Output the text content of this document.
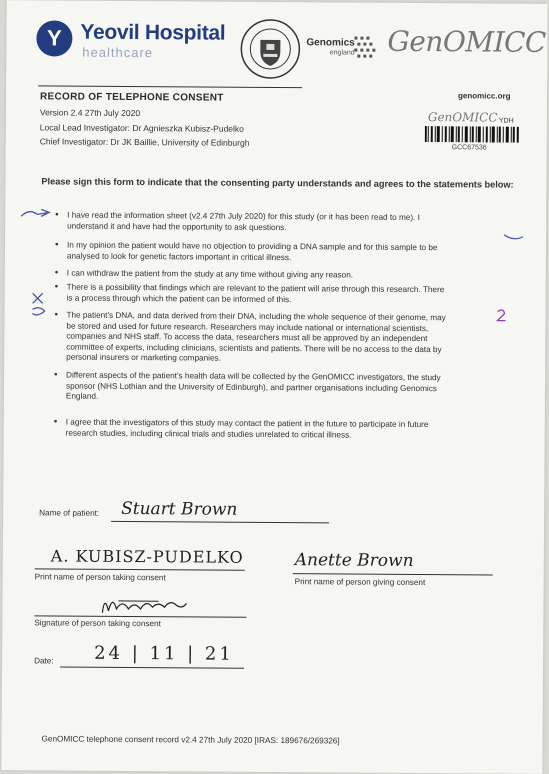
Y Yeovil Hospital
healthcare
Genomics
england GenOMICC
genomicc.org
RECORD OF TELEPHONE CONSENT
Version 2.4 27th July 2020
Local Lead Investigator: Dr Agnieszka Kubisz-Pudelko
Chief Investigator: Dr JK Baillie, University of Edinburgh
GenOMICC YDH
GCC67536
Please sign this form to indicate that the consenting party understands and agrees to the statements below:
• I have read the information sheet (v2.4 27th July 2020) for this study (or it has been read to me). I
understand it and have had the opportunity to ask questions.
• In my opinion the patient would have no objection to providing a DNA sample and for this sample to be
analysed to look for genetic factors important in critical illness.
• I can withdraw the patient from the study at any time without giving any reason.
• There is a possibility that findings which are relevant to the patient will arise through this research. There
is a process through which the patient can be informed of this.
• The patient's DNA, and data derived from their DNA, including the whole sequence of their genome, may
be stored and used for future research. Researchers may include national or international scientists,
companies and NHS staff. To access the data, researchers must all be approved by an independent
committee of experts, including clinicians, scientists and patients. There will be no access to the data by
personal insurers or marketing companies.
• Different aspects of the patient's health data will be collected by the GenOMICC investigators, the study
sponsor (NHS Lothian and the University of Edinburgh), and partner organisations including Genomics
England.
• I agree that the investigators of this study may contact the patient in the future to participate in future
research studies, including clinical trials and studies unrelated to critical illness.
Name of patient: Stuart Brown
A. KUBISZ-PUDELKO
Print name of person taking consent
Anette Brown
Print name of person giving consent
Signature of person taking consent
Date: 24 | 11 | 21
GenOMICC telephone consent record v2.4 27th July 2020 [IRAS: 189676/269326]
